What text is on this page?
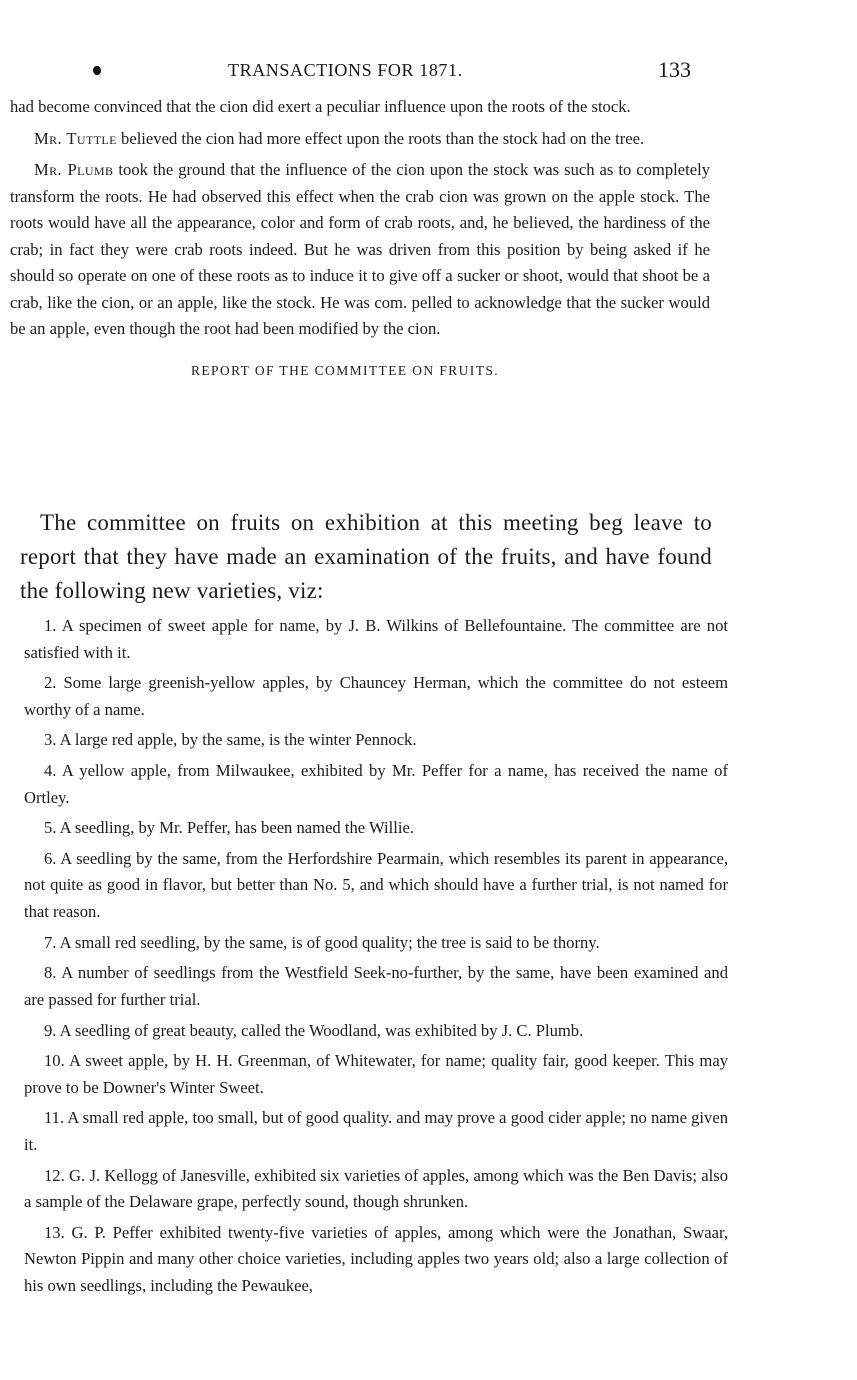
TRANSACTIONS FOR 1871.	133

had become convinced that the cion did exert a peculiar influence upon the roots of the stock.

Mr. Tuttle believed the cion had more effect upon the roots than the stock had on the tree.

Mr. Plumb took the ground that the influence of the cion upon the stock was such as to completely transform the roots. He had observed this effect when the crab cion was grown on the apple stock. The roots would have all the appearance, color and form of crab roots, and, he believed, the hardiness of the crab; in fact they were crab roots indeed. But he was driven from this position by being asked if he should so operate on one of these roots as to induce it to give off a sucker or shoot, would that shoot be a crab, like the cion, or an apple, like the stock. He was com. pelled to acknowledge that the sucker would be an apple, even though the root had been modified by the cion.

REPORT OF THE COMMITTEE ON FRUITS.

The committee on fruits on exhibition at this meeting beg leave to report that they have made an examination of the fruits, and have found the following new varieties, viz:

1. A specimen of sweet apple for name, by J. B. Wilkins of Bellefountaine. The committee are not satisfied with it.
2. Some large greenish-yellow apples, by Chauncey Herman, which the committee do not esteem worthy of a name.
3. A large red apple, by the same, is the winter Pennock.
4. A yellow apple, from Milwaukee, exhibited by Mr. Peffer for a name, has received the name of Ortley.
5. A seedling, by Mr. Peffer, has been named the Willie.
6. A seedling by the same, from the Herfordshire Pearmain, which resembles its parent in appearance, not quite as good in flavor, but better than No. 5, and which should have a further trial, is not named for that reason.
7. A small red seedling, by the same, is of good quality; the tree is said to be thorny.
8. A number of seedlings from the Westfield Seek-no-further, by the same, have been examined and are passed for further trial.
9. A seedling of great beauty, called the Woodland, was exhibited by J. C. Plumb.
10. A sweet apple, by H. H. Greenman, of Whitewater, for name; quality fair, good keeper. This may prove to be Downer's Winter Sweet.
11. A small red apple, too small, but of good quality. and may prove a good cider apple; no name given it.
12. G. J. Kellogg of Janesville, exhibited six varieties of apples, among which was the Ben Davis; also a sample of the Delaware grape, perfectly sound, though shrunken.
13. G. P. Peffer exhibited twenty-five varieties of apples, among which were the Jonathan, Swaar, Newton Pippin and many other choice varieties, including apples two years old; also a large collection of his own seedlings, including the Pewaukee,
